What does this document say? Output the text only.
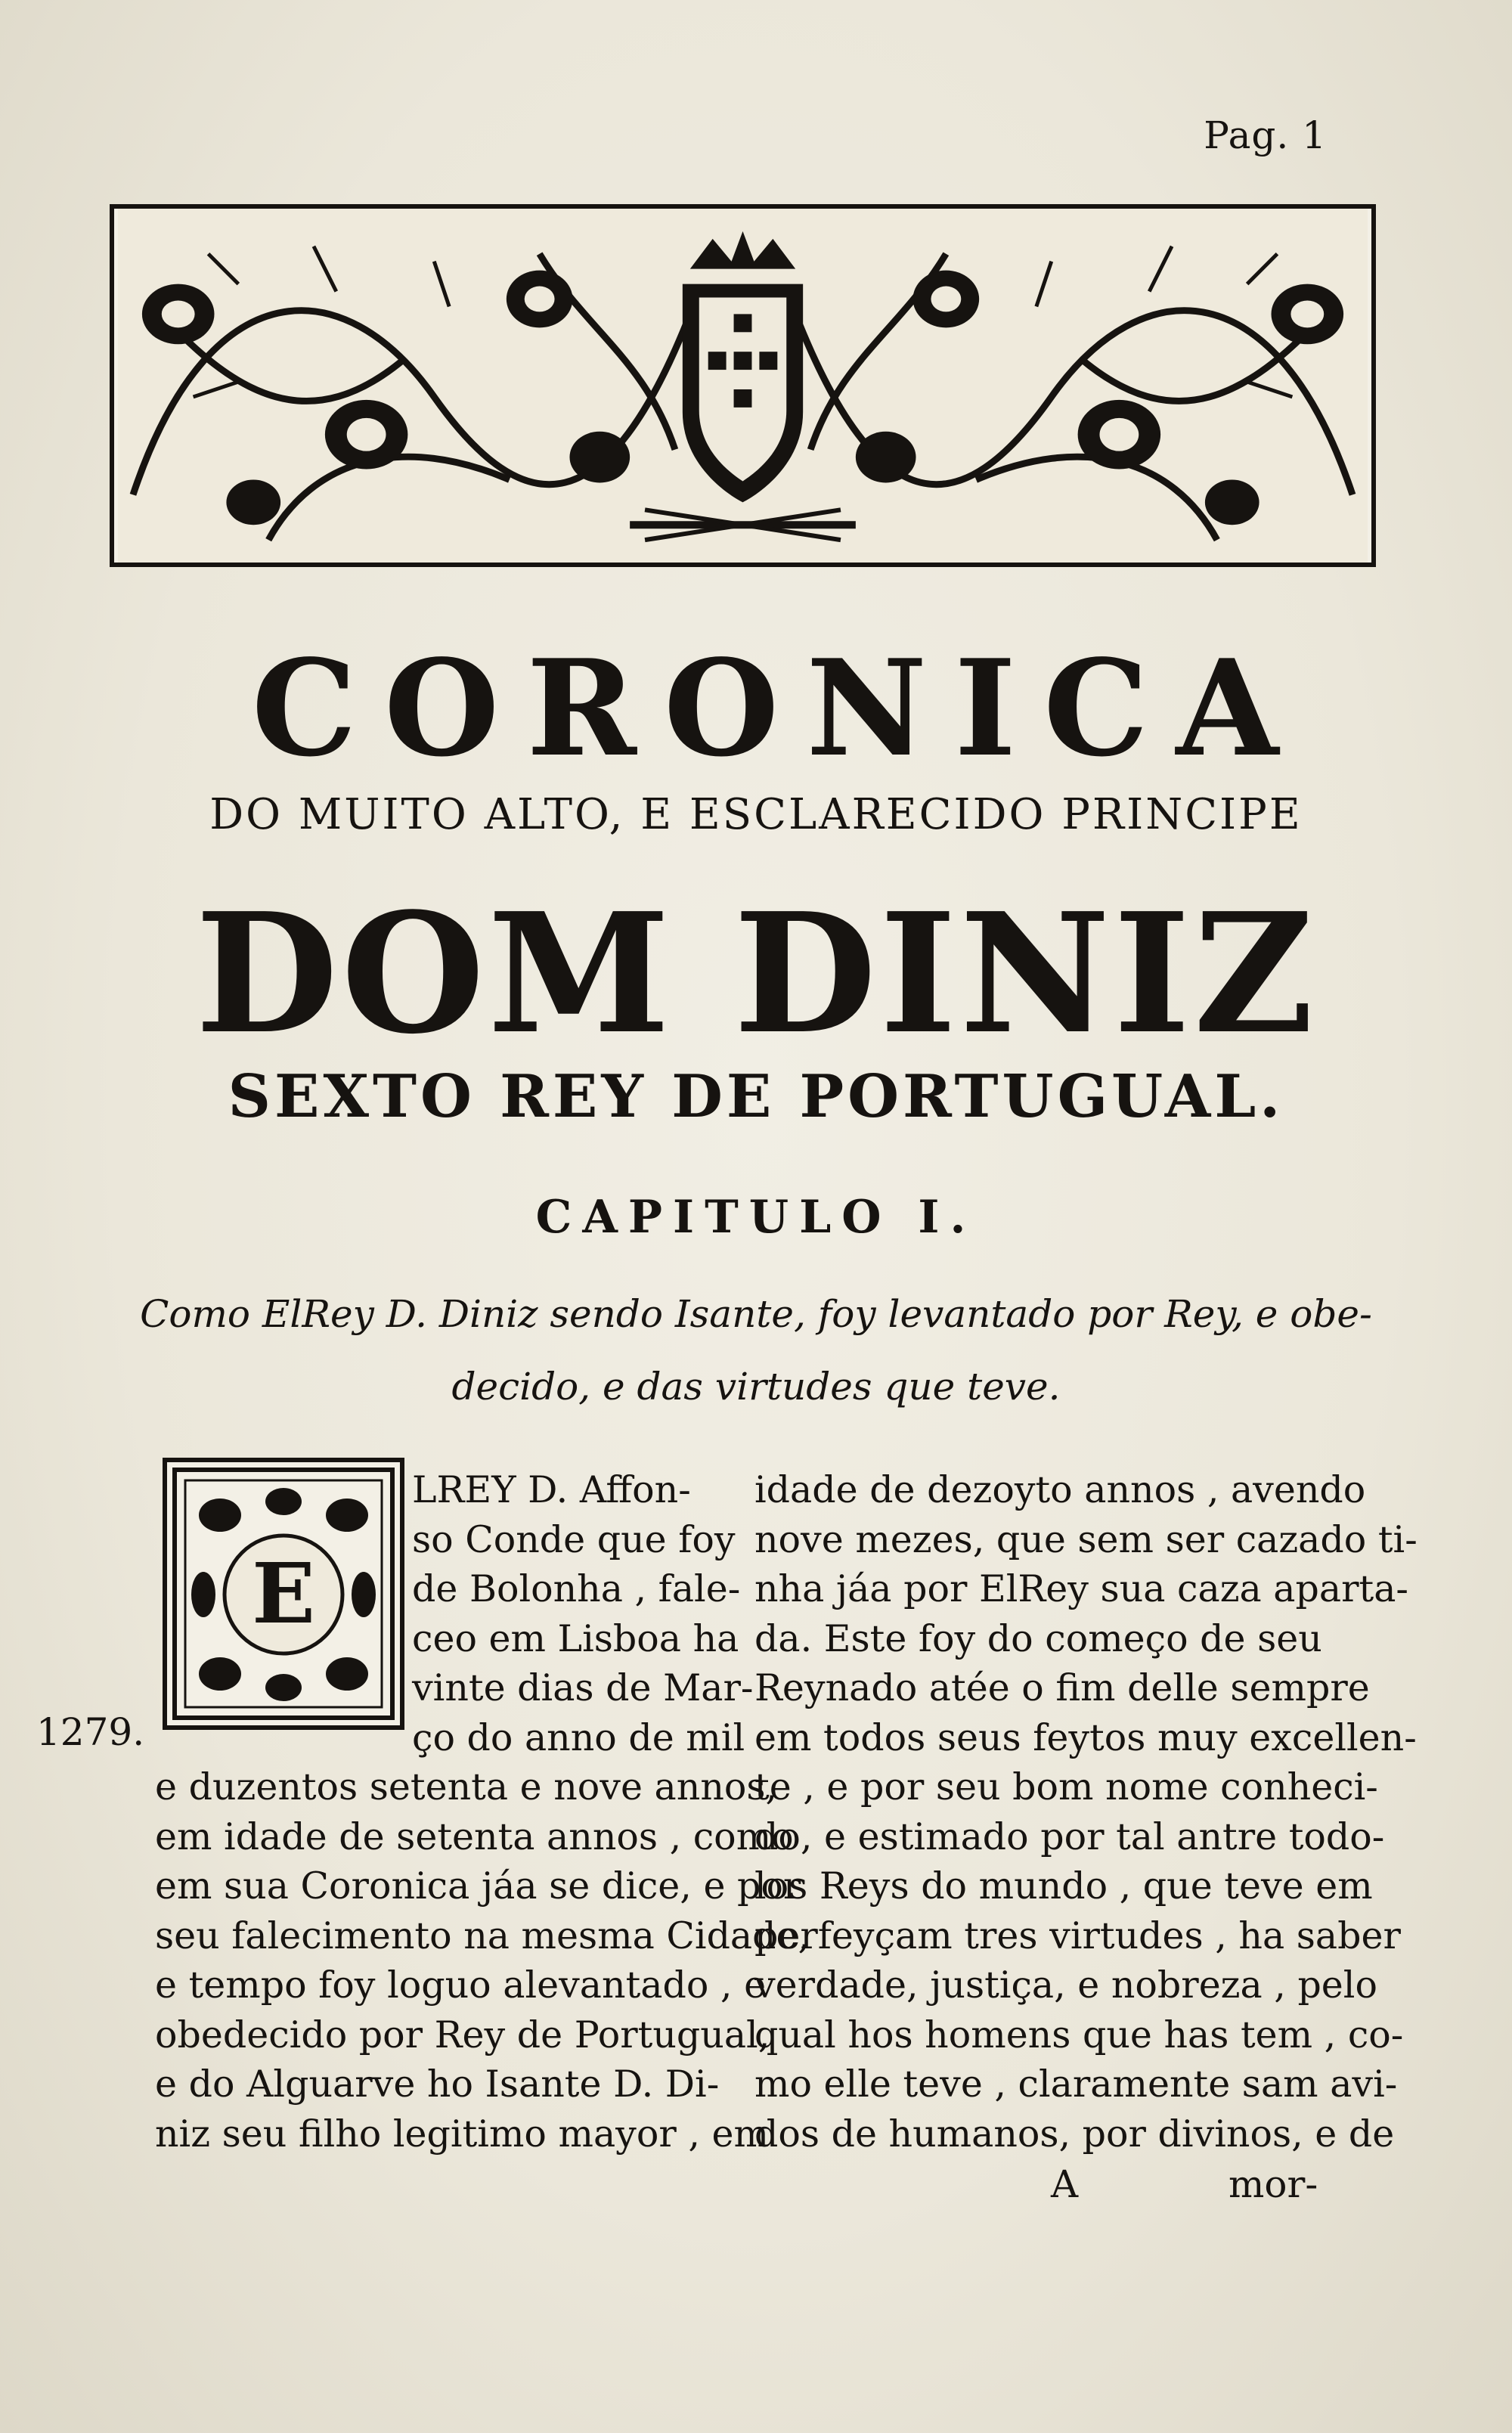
Pag. 1
CORONICA
DO MUITO ALTO, E ESCLARECIDO PRINCIPE
DOM DINIZ
SEXTO REY DE PORTUGUAL.
CAPITULO I.
Como ElRey D. Diniz sendo Isante, foy levantado por Rey, e obe-
decido, e das virtudes que teve.
E
1279.
LREY D. Affon-
so Conde que foy
de Bolonha , fale-
ceo em Lisboa ha
vinte dias de Mar-
ço do anno de mil
e duzentos setenta e nove annos,
em idade de setenta annos , como
em sua Coronica jáa se dice, e por
seu falecimento na mesma Cidade,
e tempo foy loguo alevantado , e
obedecido por Rey de Portugual,
e do Alguarve ho Isante D. Di-
niz seu filho legitimo mayor , em
idade de dezoyto annos , avendo
nove mezes, que sem ser cazado ti-
nha jáa por ElRey sua caza aparta-
da. Este foy do começo de seu
Reynado atée o fim delle sempre
em todos seus feytos muy excellen-
te , e por seu bom nome conheci-
do, e estimado por tal antre todo-
los Reys do mundo , que teve em
perfeyçam tres virtudes , ha saber
verdade, justiça, e nobreza , pelo
qual hos homens que has tem , co-
mo elle teve , claramente sam avi-
dos de humanos, por divinos, e de
A	mor-
